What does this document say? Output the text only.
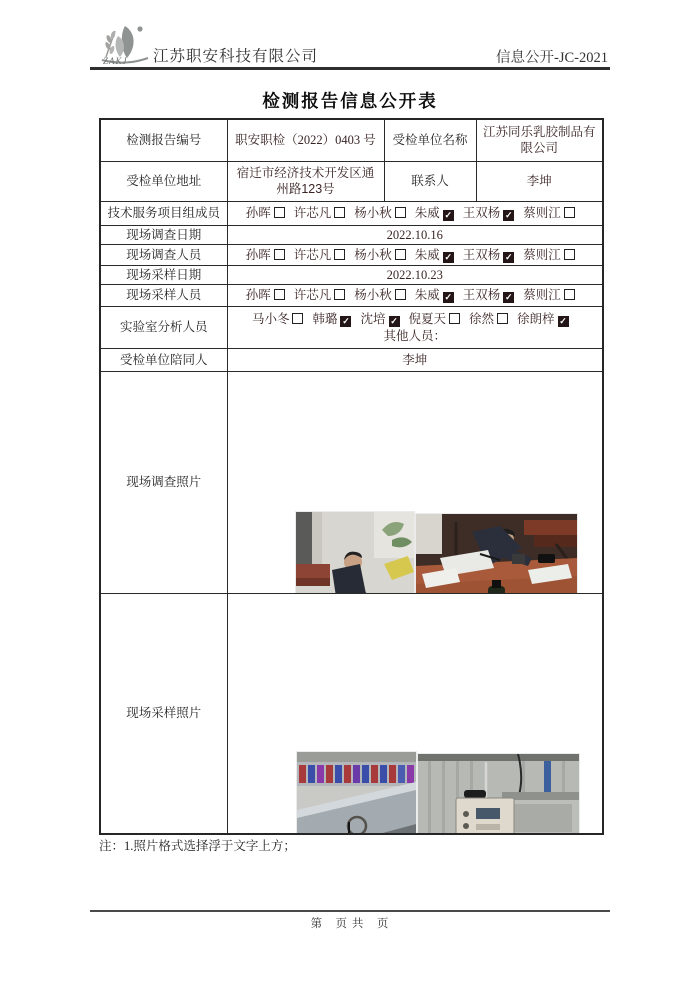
ZAKJ 江苏职安科技有限公司	信息公开-JC-2021
检测报告信息公开表
检测报告编号	职安职检（2022）0403 号	受检单位名称	江苏同乐乳胶制品有限公司
受检单位地址	宿迁市经济技术开发区通州路123号	联系人	李坤
技术服务项目组成员	孙晖 许芯凡 杨小秋 朱威 ✓ 王双杨 ✓ 蔡则江		
现场调查日期	2022.10.16		
现场调查人员	孙晖 许芯凡 杨小秋 朱威 ✓ 王双杨 ✓ 蔡则江		
现场采样日期	2022.10.23		
现场采样人员	孙晖 许芯凡 杨小秋 朱威 ✓ 王双杨 ✓ 蔡则江		
实验室分析人员	马小冬 韩璐 ✓ 沈培 ✓ 倪夏天 徐然 徐朗梓 ✓
其他人员：		

受检单位陪同人	李坤		
现场调查照片	

现场采样照片	
注：1.照片格式选择浮于文字上方；
第　页 共　页
